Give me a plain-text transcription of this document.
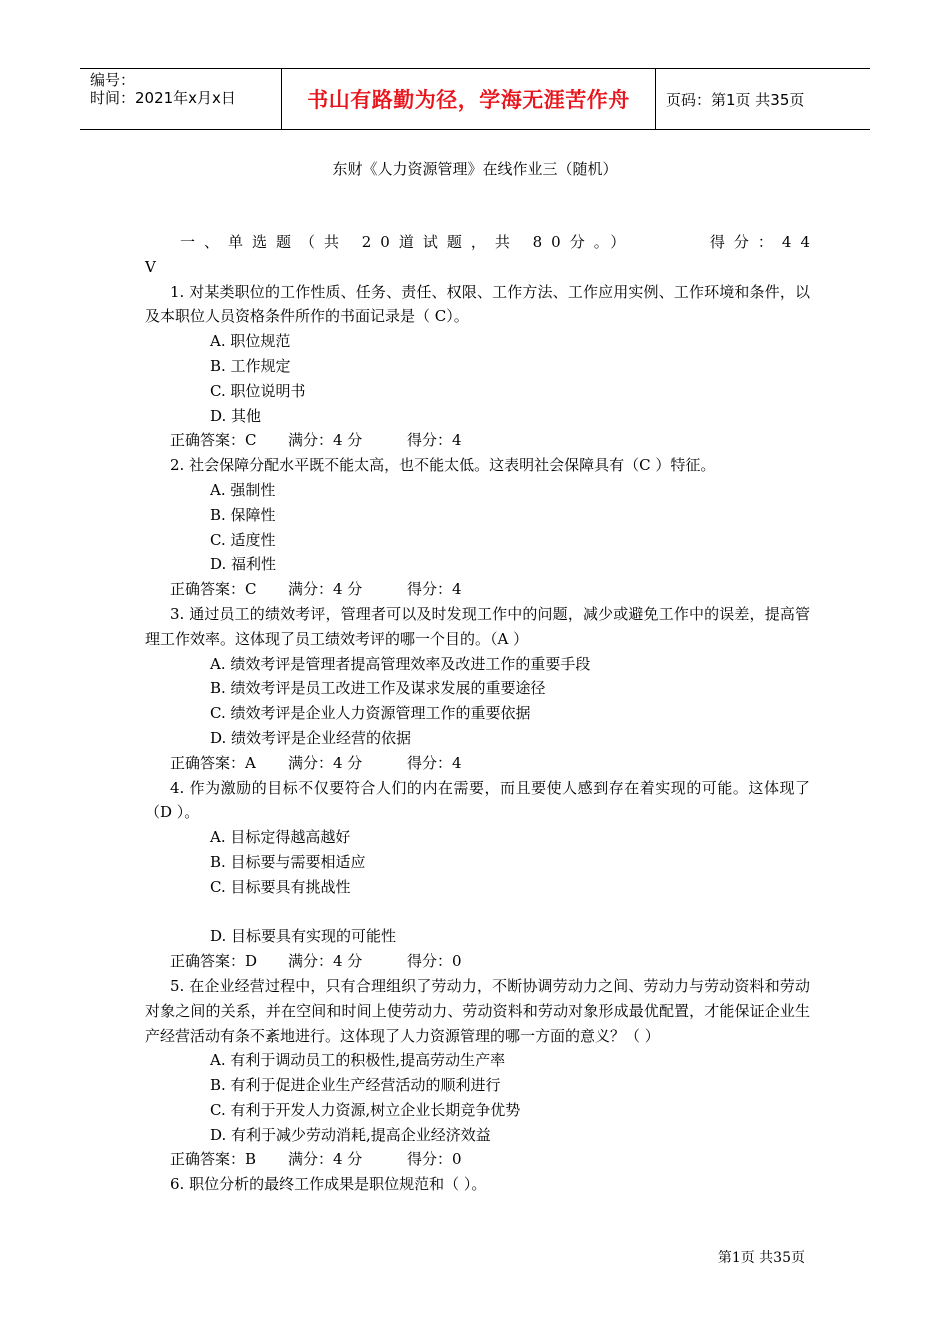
编号：
时间：2021年x月x日	书山有路勤为径，学海无涯苦作舟	页码：第1页 共35页
东财《人力资源管理》在线作业三（随机）
一、单选题（共 20道试题，共 80分。）	得分：44
V
1. 对某类职位的工作性质、任务、责任、权限、工作方法、工作应用实例、工作环境和条件，以及本职位人员资格条件所作的书面记录是（ C）。
A. 职位规范
B. 工作规定
C. 职位说明书
D. 其他
正确答案：C 满分：4 分	得分：4
2. 社会保障分配水平既不能太高，也不能太低。这表明社会保障具有（C ）特征。
A. 强制性
B. 保障性
C. 适度性
D. 福利性
正确答案：C 满分：4 分	得分：4
3. 通过员工的绩效考评，管理者可以及时发现工作中的问题，减少或避免工作中的误差，提高管理工作效率。这体现了员工绩效考评的哪一个目的。（A ）
A. 绩效考评是管理者提高管理效率及改进工作的重要手段
B. 绩效考评是员工改进工作及谋求发展的重要途径
C. 绩效考评是企业人力资源管理工作的重要依据
D. 绩效考评是企业经营的依据
正确答案：A 满分：4 分	得分：4
4. 作为激励的目标不仅要符合人们的内在需要，而且要使人感到存在着实现的可能。这体现了（D ）。
A. 目标定得越高越好
B. 目标要与需要相适应
C. 目标要具有挑战性
D. 目标要具有实现的可能性
正确答案：D 满分：4 分	得分：0
5. 在企业经营过程中，只有合理组织了劳动力，不断协调劳动力之间、劳动力与劳动资料和劳动对象之间的关系，并在空间和时间上使劳动力、劳动资料和劳动对象形成最优配置，才能保证企业生产经营活动有条不紊地进行。这体现了人力资源管理的哪一方面的意义？（ ）
A. 有利于调动员工的积极性,提高劳动生产率
B. 有利于促进企业生产经营活动的顺利进行
C. 有利于开发人力资源,树立企业长期竞争优势
D. 有利于减少劳动消耗,提高企业经济效益
正确答案：B 满分：4 分	得分：0
6. 职位分析的最终工作成果是职位规范和（ ）。
第1页 共35页
